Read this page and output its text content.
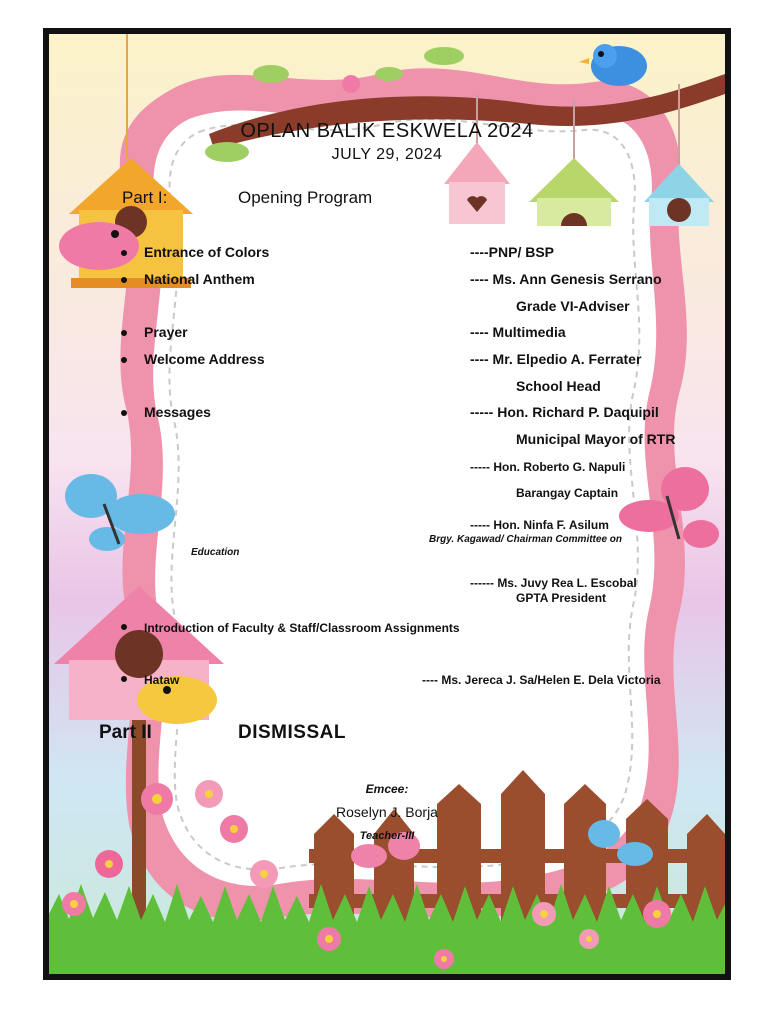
OPLAN BALIK ESKWELA 2024
JULY 29, 2024
Part I:	Opening Program
Entrance of Colors	----PNP/ BSP
National Anthem	---- Ms. Ann Genesis Serrano
Grade VI-Adviser
Prayer	---- Multimedia
Welcome Address	---- Mr. Elpedio A. Ferrater
School Head
Messages	----- Hon. Richard P. Daquipil
Municipal Mayor of RTR
----- Hon. Roberto G. Napuli
Barangay Captain
----- Hon. Ninfa F. Asilum
Brgy. Kagawad/ Chairman Committee on
Education
------ Ms. Juvy Rea L. Escobal
GPTA President
Introduction of Faculty & Staff/Classroom Assignments
Hataw	---- Ms. Jereca J. Sa/Helen E. Dela Victoria
Part II	DISMISSAL
Emcee:
Roselyn J. Borja
Teacher-III
